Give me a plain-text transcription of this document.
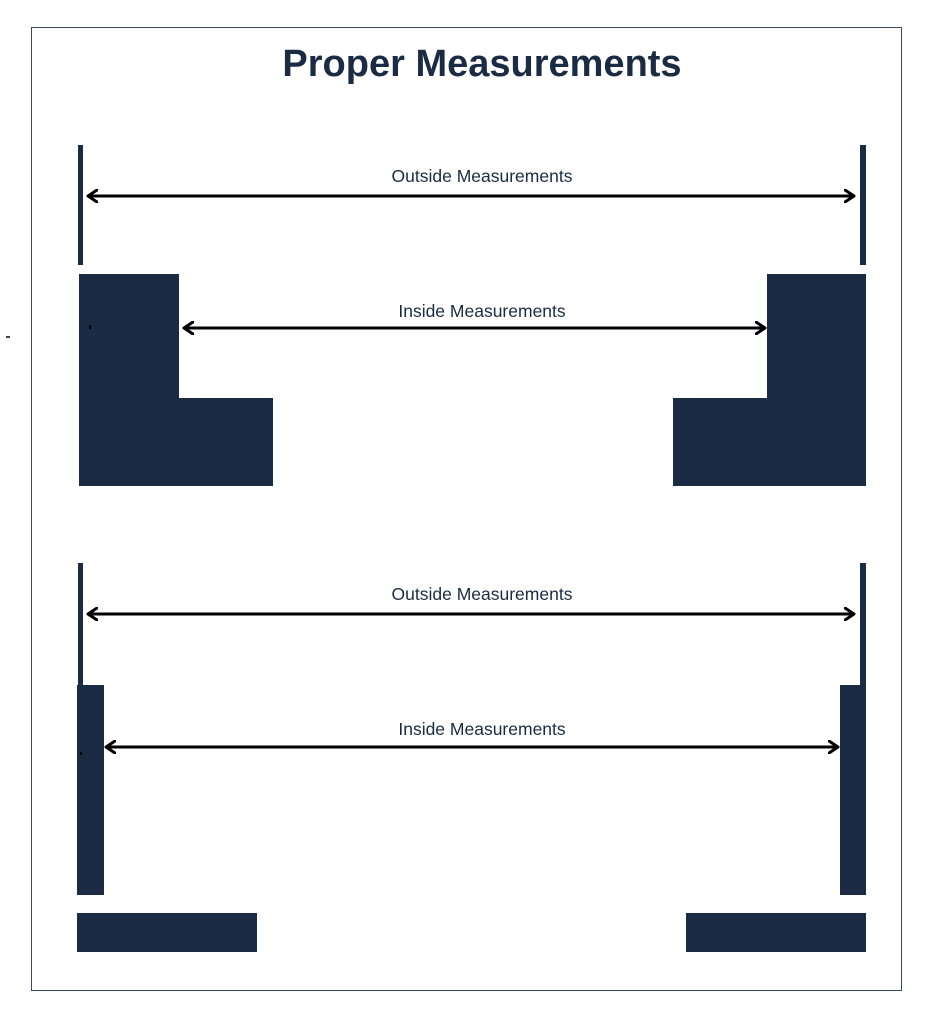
Proper Measurements
Outside Measurements
Inside Measurements
Outside Measurements
Inside Measurements
